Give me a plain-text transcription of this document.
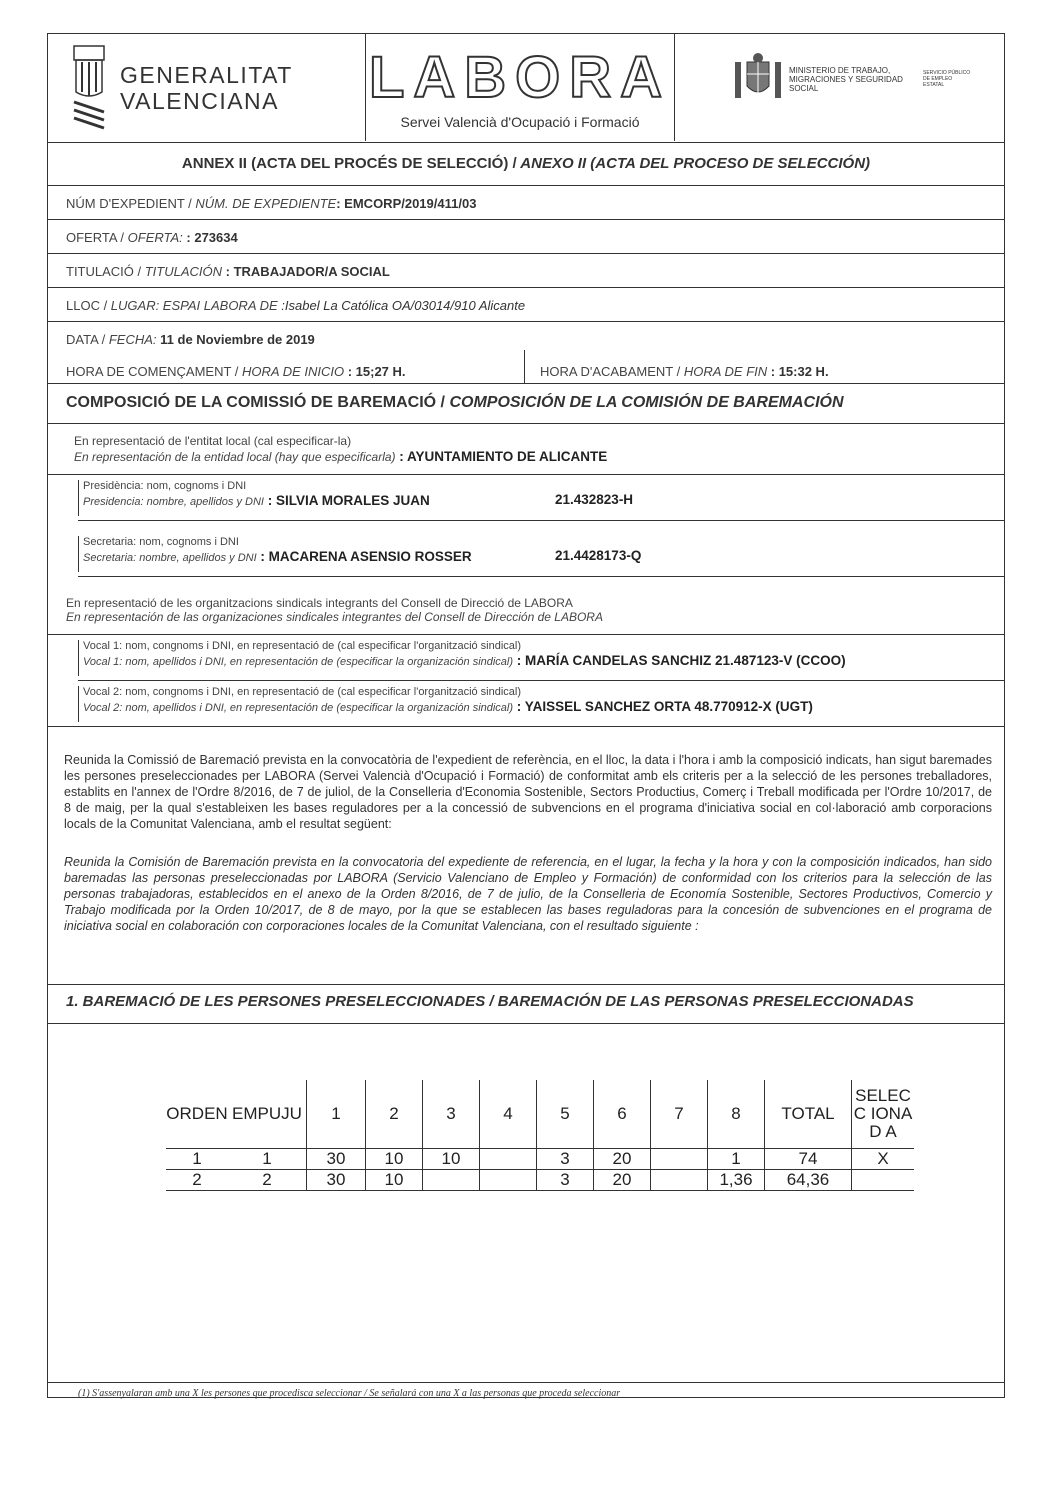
GENERALITAT
VALENCIANA LABORA
Servei Valencià d'Ocupació i Formació
MINISTERIO DE TRABAJO, MIGRACIONES Y SEGURIDAD SOCIAL
SERVICIO PÚBLICO DE EMPLEO ESTATAL
ANNEX II (ACTA DEL PROCÉS DE SELECCIÓ) / ANEXO II (ACTA DEL PROCESO DE SELECCIÓN)
NÚM D'EXPEDIENT / NÚM. DE EXPEDIENTE: EMCORP/2019/411/03
OFERTA / OFERTA: : 273634
TITULACIÓ / TITULACIÓN : TRABAJADOR/A SOCIAL
LLOC / LUGAR: ESPAI LABORA DE :Isabel La Católica OA/03014/910 Alicante
DATA / FECHA: 11 de Noviembre de 2019
HORA DE COMENÇAMENT / HORA DE INICIO : 15;27 H.	HORA D'ACABAMENT / HORA DE FIN : 15:32 H.
COMPOSICIÓ DE LA COMISSIÓ DE BAREMACIÓ / COMPOSICIÓN DE LA COMISIÓN DE BAREMACIÓN
En representació de l'entitat local (cal especificar-la)
En representación de la entidad local (hay que especificarla) : AYUNTAMIENTO DE ALICANTE
Presidència: nom, cognoms i DNI
Presidencia: nombre, apellidos y DNI : SILVIA MORALES JUAN	21.432823-H
Secretaria: nom, cognoms i DNI
Secretaria: nombre, apellidos y DNI : MACARENA ASENSIO ROSSER	21.4428173-Q
En representació de les organitzacions sindicals integrants del Consell de Direcció de LABORA
En representación de las organizaciones sindicales integrantes del Consell de Dirección de LABORA
Vocal 1: nom, congnoms i DNI, en representació de (cal especificar l'organització sindical)
Vocal 1: nom, apellidos i DNI, en representación de (especificar la organización sindical) : MARÍA CANDELAS SANCHIZ 21.487123-V (CCOO)
Vocal 2: nom, congnoms i DNI, en representació de (cal especificar l'organització sindical)
Vocal 2: nom, apellidos i DNI, en representación de (especificar la organización sindical) : YAISSEL SANCHEZ ORTA 48.770912-X (UGT)
Reunida la Comissió de Baremació prevista en la convocatòria de l'expedient de referència, en el lloc, la data i l'hora i amb la composició indicats, han sigut baremades les persones preseleccionades per LABORA (Servei Valencià d'Ocupació i Formació) de conformitat amb els criteris per a la selecció de les persones treballadores, establits en l'annex de l'Ordre 8/2016, de 7 de juliol, de la Conselleria d'Economia Sostenible, Sectors Productius, Comerç i Treball modificada per l'Ordre 10/2017, de 8 de maig, per la qual s'estableixen les bases reguladores per a la concessió de subvencions en el programa d'iniciativa social en col·laboració amb corporacions locals de la Comunitat Valenciana, amb el resultat següent:
Reunida la Comisión de Baremación prevista en la convocatoria del expediente de referencia, en el lugar, la fecha y la hora y con la composición indicados, han sido baremadas las personas preseleccionadas por LABORA (Servicio Valenciano de Empleo y Formación) de conformidad con los criterios para la selección de las personas trabajadoras, establecidos en el anexo de la Orden 8/2016, de 7 de julio, de la Conselleria de Economía Sostenible, Sectores Productivos, Comercio y Trabajo modificada por la Orden 10/2017, de 8 de mayo, por la que se establecen las bases reguladoras para la concesión de subvenciones en el programa de iniciativa social en colaboración con corporaciones locales de la Comunitat Valenciana, con el resultado siguiente :
1. BAREMACIÓ DE LES PERSONES PRESELECCIONADES / BAREMACIÓN DE LAS PERSONAS PRESELECCIONADAS
ORDEN	EMPUJU	1	2	3	4	5	6	7	8	TOTAL	SELECC IONAD A

1	1	30	10	10		3	20		1	74	X
2	2	30	10			3	20		1,36	64,36	
(1) S'assenyalaran amb una X les persones que procedisca seleccionar / Se señalará con una X a las personas que proceda seleccionar
